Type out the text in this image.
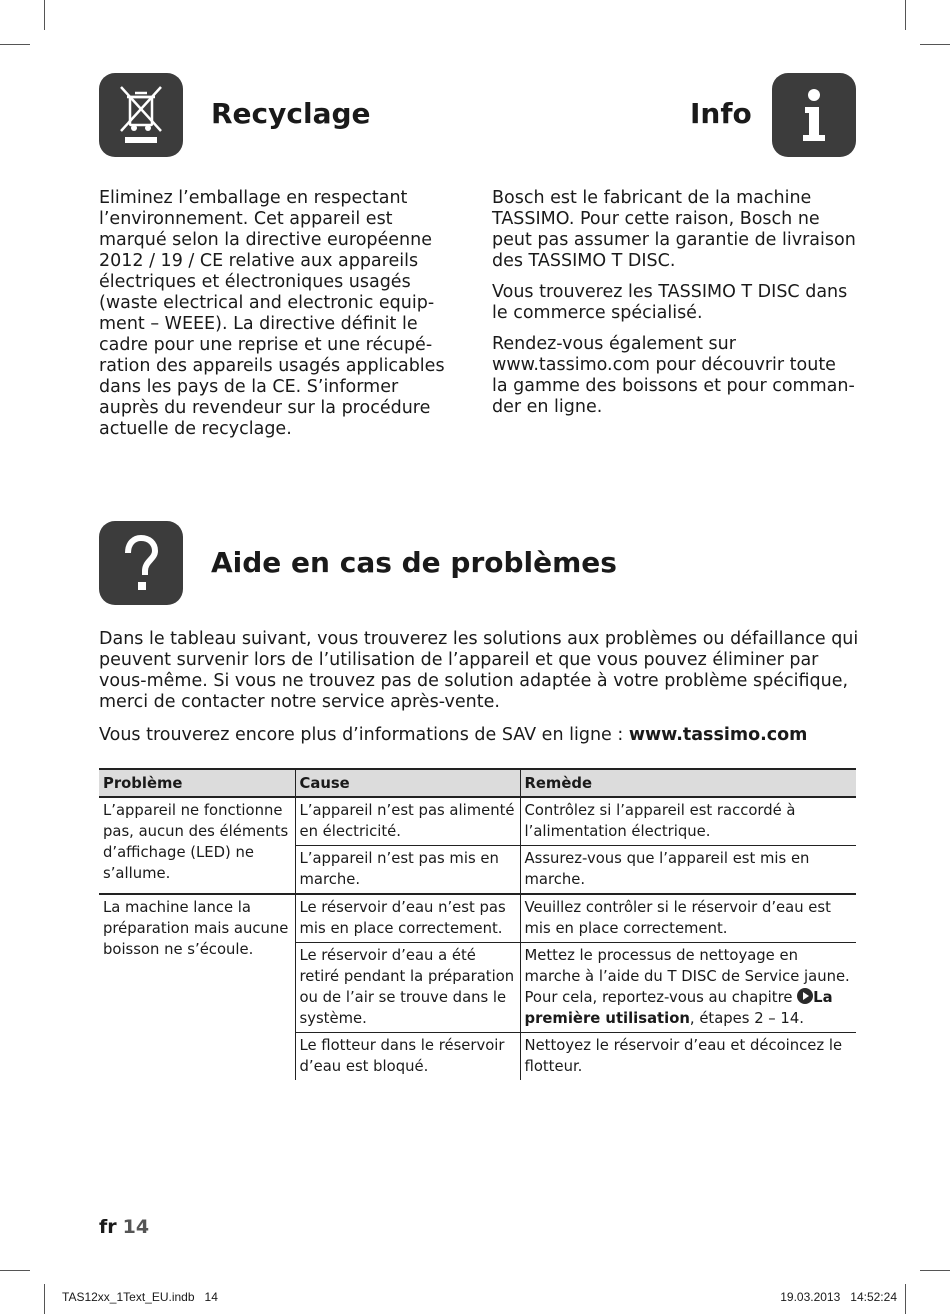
Recyclage	Info

Eliminez l’emballage en respectant l’environnement. Cet appareil est marqué selon la directive européenne 2012 / 19 / CE relative aux appareils électriques et électroniques usagés (waste electrical and electronic equipment – WEEE). La directive définit le cadre pour une reprise et une récupération des appareils usagés applicables dans les pays de la CE. S’informer auprès du revendeur sur la procédure actuelle de recyclage.

Bosch est le fabricant de la machine TASSIMO. Pour cette raison, Bosch ne peut pas assumer la garantie de livraison des TASSIMO T DISC.

Vous trouverez les TASSIMO T DISC dans le commerce spécialisé.

Rendez-vous également sur www.tassimo.com pour découvrir toute la gamme des boissons et pour commander en ligne.

Aide en cas de problèmes

Dans le tableau suivant, vous trouverez les solutions aux problèmes ou défaillance qui peuvent survenir lors de l’utilisation de l’appareil et que vous pouvez éliminer par vous-même. Si vous ne trouvez pas de solution adaptée à votre problème spécifique, merci de contacter notre service après-vente.

Vous trouverez encore plus d’informations de SAV en ligne : www.tassimo.com

Problème	Cause	Remède
L’appareil ne fonctionne pas, aucun des éléments d’affichage (LED) ne s’allume.	L’appareil n’est pas alimenté en électricité.	Contrôlez si l’appareil est raccordé à l’alimentation électrique.
	L’appareil n’est pas mis en marche.	Assurez-vous que l’appareil est mis en marche.
La machine lance la préparation mais aucune boisson ne s’écoule.	Le réservoir d’eau n’est pas mis en place correctement.	Veuillez contrôler si le réservoir d’eau est mis en place correctement.
	Le réservoir d’eau a été retiré pendant la préparation ou de l’air se trouve dans le système.	Mettez le processus de nettoyage en marche à l’aide du T DISC de Service jaune. Pour cela, reportez-vous au chapitre La première utilisation, étapes 2 – 14.
	Le flotteur dans le réservoir d’eau est bloqué.	Nettoyez le réservoir d’eau et décoincez le flotteur.
fr 14
TAS12xx_1Text_EU.indb   14	19.03.2013   14:52:24
